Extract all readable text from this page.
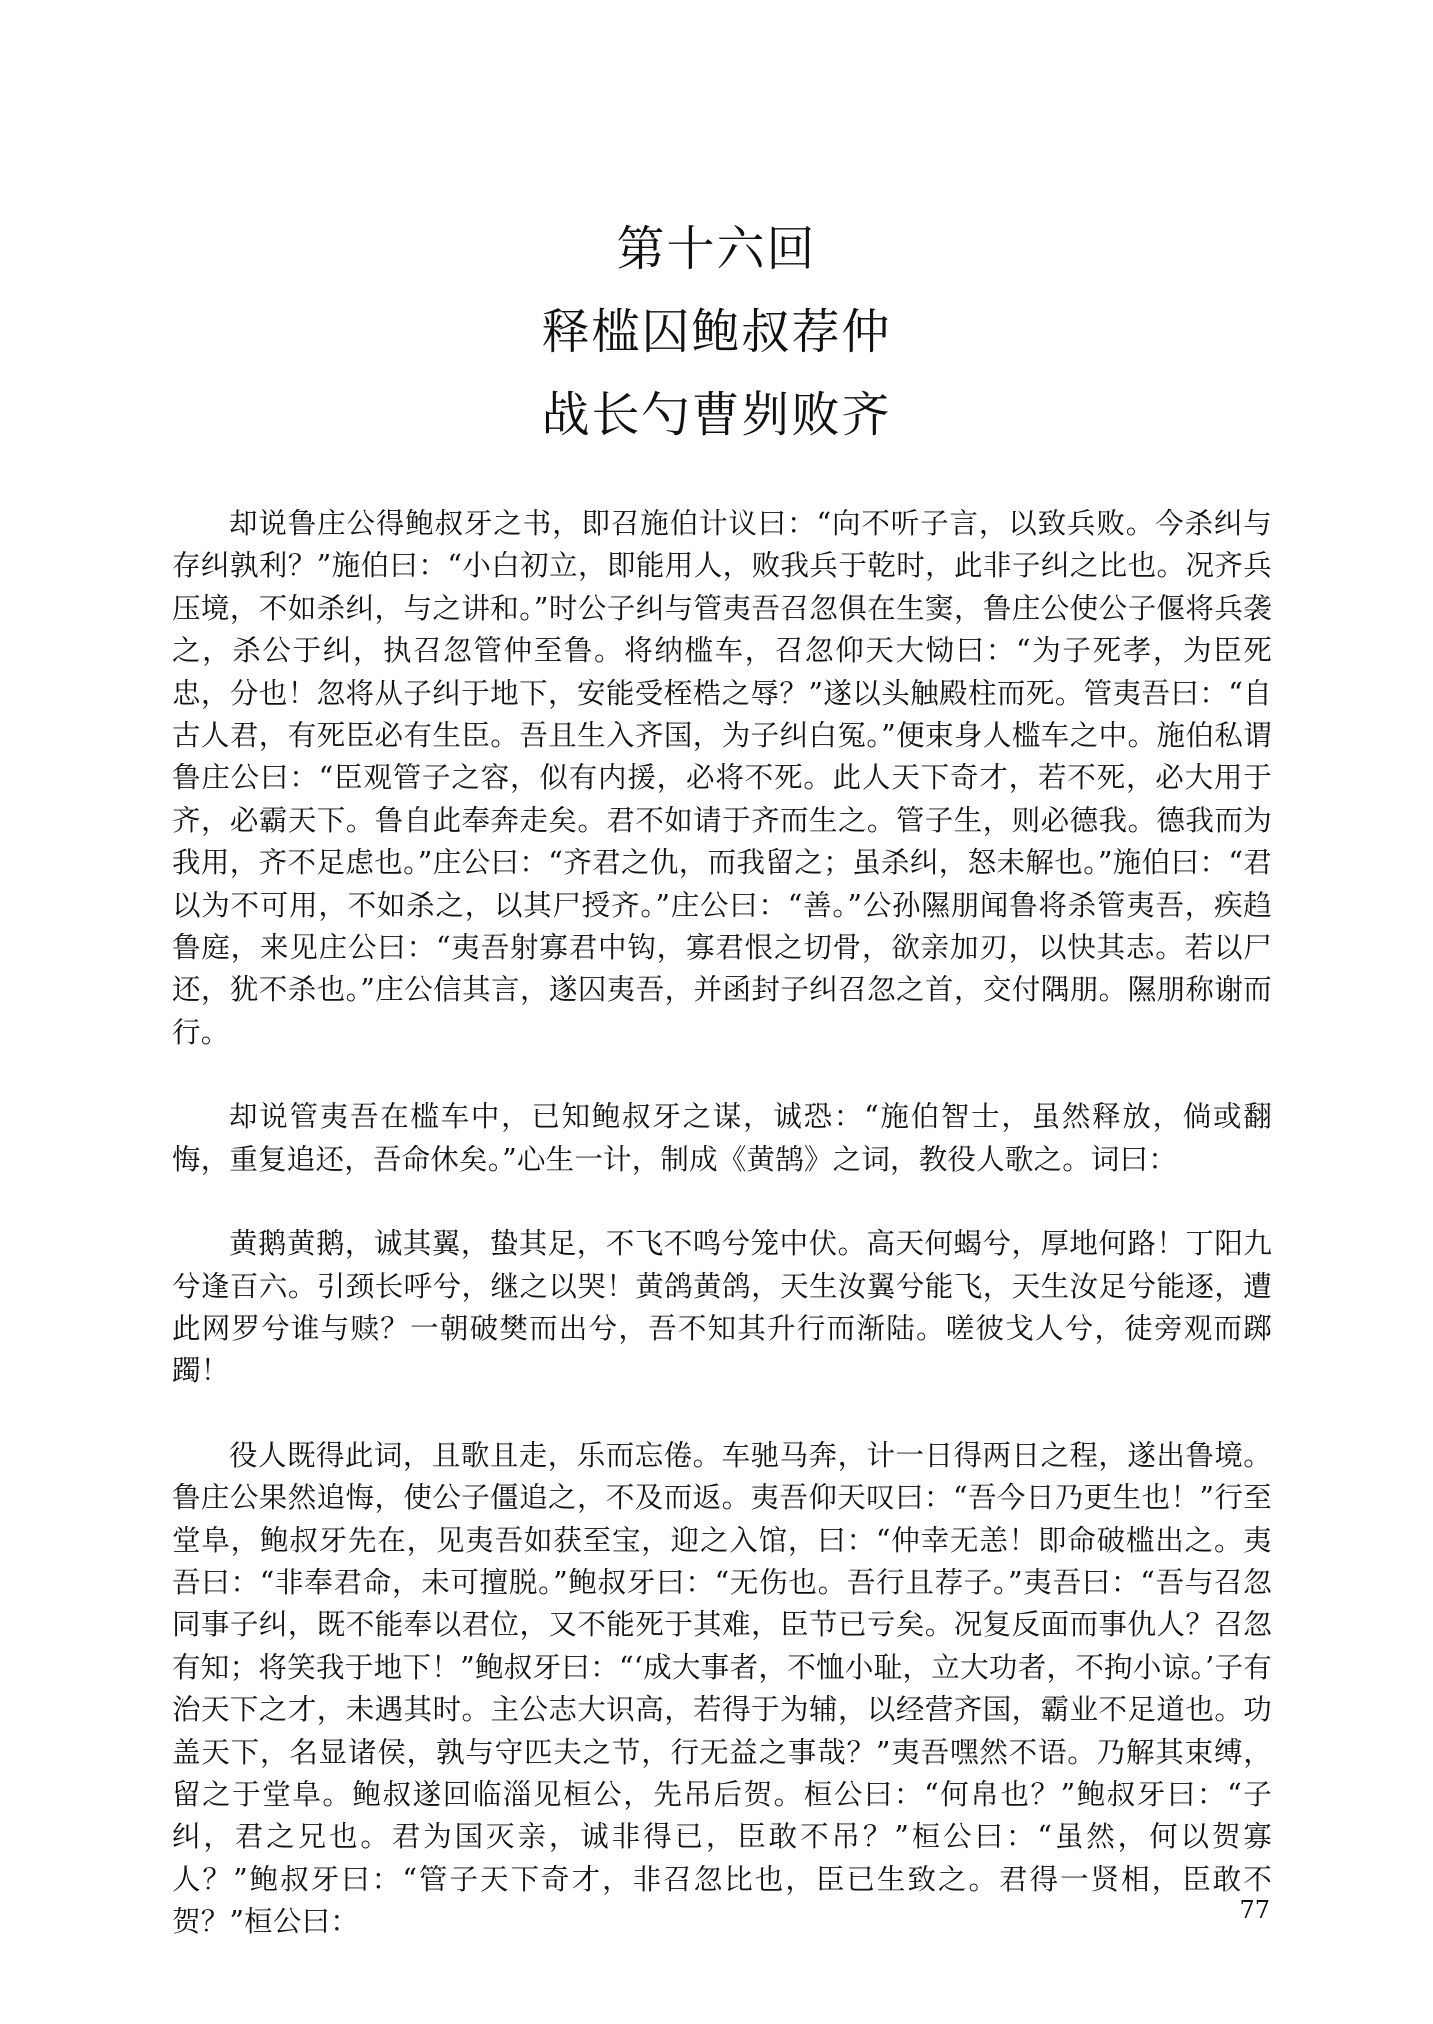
第十六回
释槛囚鲍叔荐仲
战长勺曹刿败齐

却说鲁庄公得鲍叔牙之书，即召施伯计议曰：“向不听子言，以致兵败。今杀纠与存纠孰利？”施伯曰：“小白初立，即能用人，败我兵于乾时，此非子纠之比也。况齐兵压境，不如杀纠，与之讲和。”时公子纠与管夷吾召忽俱在生窦，鲁庄公使公子偃将兵袭之，杀公于纠，执召忽管仲至鲁。将纳槛车，召忽仰天大恸曰：“为子死孝，为臣死忠，分也！忽将从子纠于地下，安能受桎梏之辱？”遂以头触殿柱而死。管夷吾曰：“自古人君，有死臣必有生臣。吾且生入齐国，为子纠白冤。”便束身人槛车之中。施伯私谓鲁庄公曰：“臣观管子之容，似有内援，必将不死。此人天下奇才，若不死，必大用于齐，必霸天下。鲁自此奉奔走矣。君不如请于齐而生之。管子生，则必德我。德我而为我用，齐不足虑也。”庄公曰：“齐君之仇，而我留之；虽杀纠，怒未解也。”施伯曰：“君以为不可用，不如杀之，以其尸授齐。”庄公曰：“善。”公孙隰朋闻鲁将杀管夷吾，疾趋鲁庭，来见庄公曰：“夷吾射寡君中钩，寡君恨之切骨，欲亲加刃，以快其志。若以尸还，犹不杀也。”庄公信其言，遂囚夷吾，并函封子纠召忽之首，交付隅朋。隰朋称谢而行。

却说管夷吾在槛车中，已知鲍叔牙之谋，诚恐：“施伯智士，虽然释放，倘或翻悔，重复追还，吾命休矣。”心生一计，制成《黄鹄》之词，教役人歌之。词曰：

黄鹅黄鹅，诚其翼，蛰其足，不飞不鸣兮笼中伏。高天何蝎兮，厚地何路！丁阳九兮逢百六。引颈长呼兮，继之以哭！黄鸽黄鸽，天生汝翼兮能飞，天生汝足兮能逐，遭此网罗兮谁与赎？一朝破樊而出兮，吾不知其升行而渐陆。嗟彼戈人兮，徒旁观而踯躅！

役人既得此词，且歌且走，乐而忘倦。车驰马奔，计一日得两日之程，遂出鲁境。鲁庄公果然追悔，使公子僵追之，不及而返。夷吾仰天叹曰：“吾今日乃更生也！”行至堂阜，鲍叔牙先在，见夷吾如获至宝，迎之入馆，曰：“仲幸无恙！即命破槛出之。夷吾曰：“非奉君命，未可擅脱。”鲍叔牙曰：“无伤也。吾行且荐子。”夷吾曰：“吾与召忽同事子纠，既不能奉以君位，又不能死于其难，臣节已亏矣。况复反面而事仇人？召忽有知；将笑我于地下！”鲍叔牙曰：“‘成大事者，不恤小耻，立大功者，不拘小谅。’子有治天下之才，未遇其时。主公志大识高，若得于为辅，以经营齐国，霸业不足道也。功盖天下，名显诸侯，孰与守匹夫之节，行无益之事哉？”夷吾嘿然不语。乃解其束缚，留之于堂阜。鲍叔遂回临淄见桓公，先吊后贺。桓公曰：“何帛也？”鲍叔牙曰：“子纠，君之兄也。君为国灭亲，诚非得已，臣敢不吊？”桓公曰：“虽然，何以贺寡人？”鲍叔牙曰：“管子天下奇才，非召忽比也，臣已生致之。君得一贤相，臣敢不贺？”桓公曰：	77
